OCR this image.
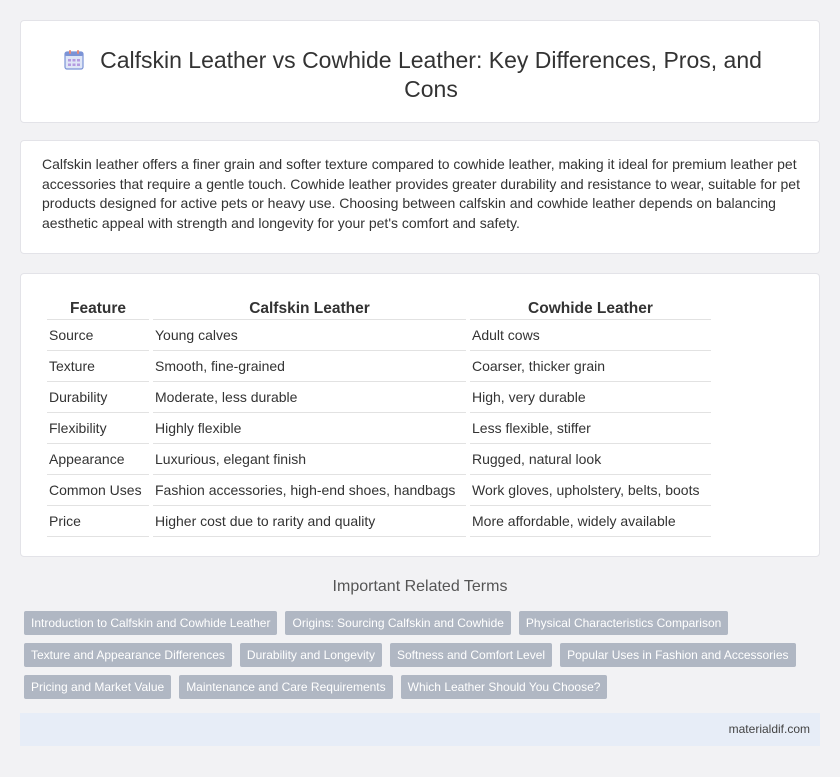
Calfskin Leather vs Cowhide Leather: Key Differences, Pros, and Cons

Calfskin leather offers a finer grain and softer texture compared to cowhide leather, making it ideal for premium leather pet accessories that require a gentle touch. Cowhide leather provides greater durability and resistance to wear, suitable for pet products designed for active pets or heavy use. Choosing between calfskin and cowhide leather depends on balancing aesthetic appeal with strength and longevity for your pet's comfort and safety.

Feature	Calfskin Leather	Cowhide Leather
Source	Young calves	Adult cows
Texture	Smooth, fine-grained	Coarser, thicker grain
Durability	Moderate, less durable	High, very durable
Flexibility	Highly flexible	Less flexible, stiffer
Appearance	Luxurious, elegant finish	Rugged, natural look
Common Uses	Fashion accessories, high-end shoes, handbags	Work gloves, upholstery, belts, boots
Price	Higher cost due to rarity and quality	More affordable, widely available
Important Related Terms
Introduction to Calfskin and Cowhide Leather	Origins: Sourcing Calfskin and Cowhide	Physical Characteristics Comparison
Texture and Appearance Differences	Durability and Longevity	Softness and Comfort Level	Popular Uses in Fashion and Accessories
Pricing and Market Value	Maintenance and Care Requirements	Which Leather Should You Choose?
materialdif.com
